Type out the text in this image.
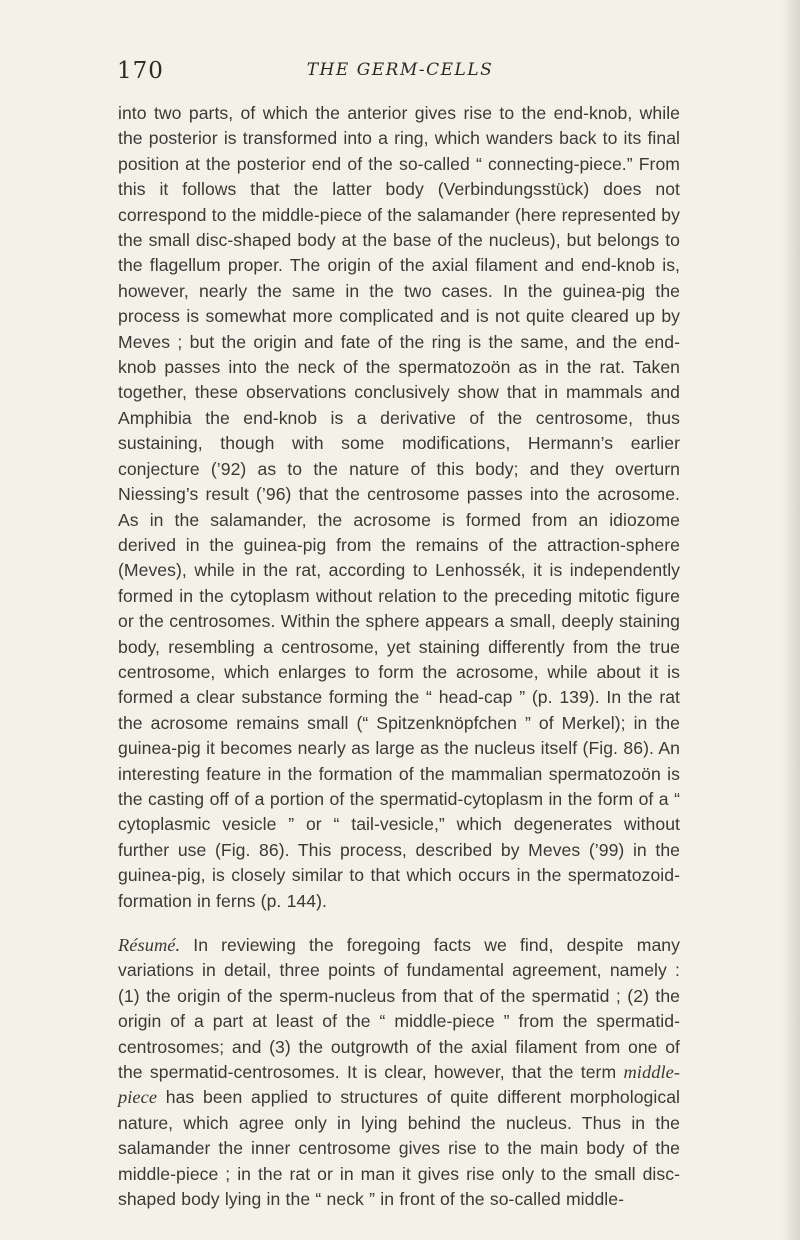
170	THE GERM-CELLS

into two parts, of which the anterior gives rise to the end-knob, while the posterior is transformed into a ring, which wanders back to its final position at the posterior end of the so-called “ connecting-piece.” From this it follows that the latter body (Verbindungsstück) does not correspond to the middle-piece of the salamander (here represented by the small disc-shaped body at the base of the nucleus), but belongs to the flagellum proper. The origin of the axial filament and end-knob is, however, nearly the same in the two cases. In the guinea-pig the process is somewhat more complicated and is not quite cleared up by Meves ; but the origin and fate of the ring is the same, and the end-knob passes into the neck of the spermatozoön as in the rat. Taken together, these observations conclusively show that in mammals and Amphibia the end-knob is a derivative of the centrosome, thus sustaining, though with some modifications, Hermann’s earlier conjecture (’92) as to the nature of this body; and they overturn Niessing’s result (’96) that the centrosome passes into the acrosome. As in the salamander, the acrosome is formed from an idiozome derived in the guinea-pig from the remains of the attraction-sphere (Meves), while in the rat, according to Lenhossék, it is independently formed in the cytoplasm without relation to the preceding mitotic figure or the centrosomes. Within the sphere appears a small, deeply staining body, resembling a centrosome, yet staining differently from the true centrosome, which enlarges to form the acrosome, while about it is formed a clear substance forming the “ head-cap ” (p. 139). In the rat the acrosome remains small (“ Spitzenknöpfchen ” of Merkel); in the guinea-pig it becomes nearly as large as the nucleus itself (Fig. 86). An interesting feature in the formation of the mammalian spermatozoön is the casting off of a portion of the spermatid-cytoplasm in the form of a “ cytoplasmic vesicle ” or “ tail-vesicle,” which degenerates without further use (Fig. 86). This process, described by Meves (’99) in the guinea-pig, is closely similar to that which occurs in the spermatozoid-formation in ferns (p. 144).

Résumé. In reviewing the foregoing facts we find, despite many variations in detail, three points of fundamental agreement, namely : (1) the origin of the sperm-nucleus from that of the spermatid ; (2) the origin of a part at least of the “ middle-piece ” from the spermatid-centrosomes; and (3) the outgrowth of the axial filament from one of the spermatid-centrosomes. It is clear, however, that the term middle-piece has been applied to structures of quite different morphological nature, which agree only in lying behind the nucleus. Thus in the salamander the inner centrosome gives rise to the main body of the middle-piece ; in the rat or in man it gives rise only to the small disc-shaped body lying in the “ neck ” in front of the so-called middle-
